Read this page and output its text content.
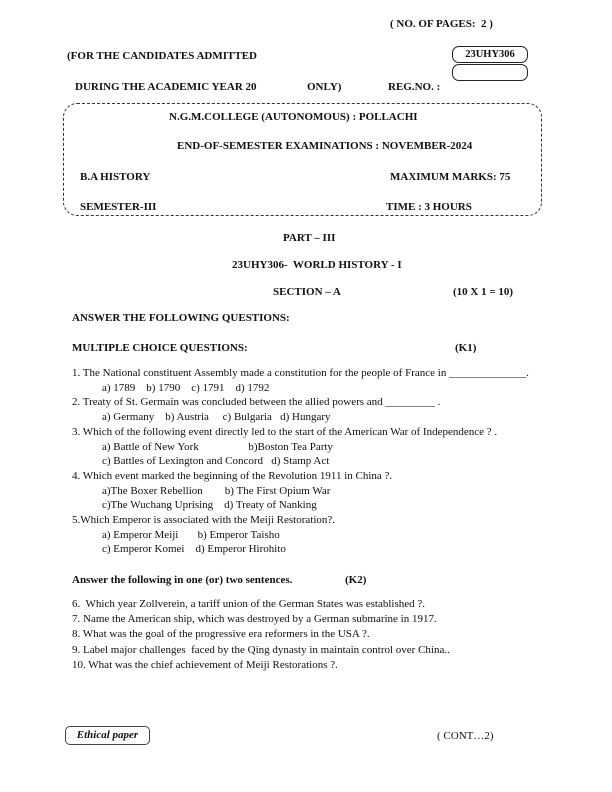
( NO. OF PAGES:  2 )
(FOR THE CANDIDATES ADMITTED
DURING THE ACADEMIC YEAR 20	ONLY)	REG.NO. :
23UHY306
N.G.M.COLLEGE (AUTONOMOUS) : POLLACHI
END-OF-SEMESTER EXAMINATIONS : NOVEMBER-2024
B.A HISTORY	MAXIMUM MARKS: 75
SEMESTER-III	TIME : 3 HOURS
PART – III
23UHY306-  WORLD HISTORY - I
SECTION – A	(10 X 1 = 10)
ANSWER THE FOLLOWING QUESTIONS:
MULTIPLE CHOICE QUESTIONS:	(K1)
1. The National constituent Assembly made a constitution for the people of France in ______________.
a) 1789    b) 1790    c) 1791    d) 1792
2. Treaty of St. Germain was concluded between the allied powers and _________ .
a) Germany    b) Austria     c) Bulgaria   d) Hungary
3. Which of the following event directly led to the start of the American War of Independence ? .
a) Battle of New York                  b)Boston Tea Party
c) Battles of Lexington and Concord   d) Stamp Act
4. Which event marked the beginning of the Revolution 1911 in China ?.
a)The Boxer Rebellion        b) The First Opium War
c)The Wuchang Uprising    d) Treaty of Nanking
5.Which Emperor is associated with the Meiji Restoration?.
a) Emperor Meiji       b) Emperor Taisho
c) Emperor Komei    d) Emperor Hirohito
Answer the following in one (or) two sentences.	(K2)
6.  Which year Zollverein, a tariff union of the German States was established ?.
7. Name the American ship, which was destroyed by a German submarine in 1917.
8. What was the goal of the progressive era reformers in the USA ?.
9. Label major challenges  faced by the Qing dynasty in maintain control over China..
10. What was the chief achievement of Meiji Restorations ?.
Ethical paper	( CONT…2)
